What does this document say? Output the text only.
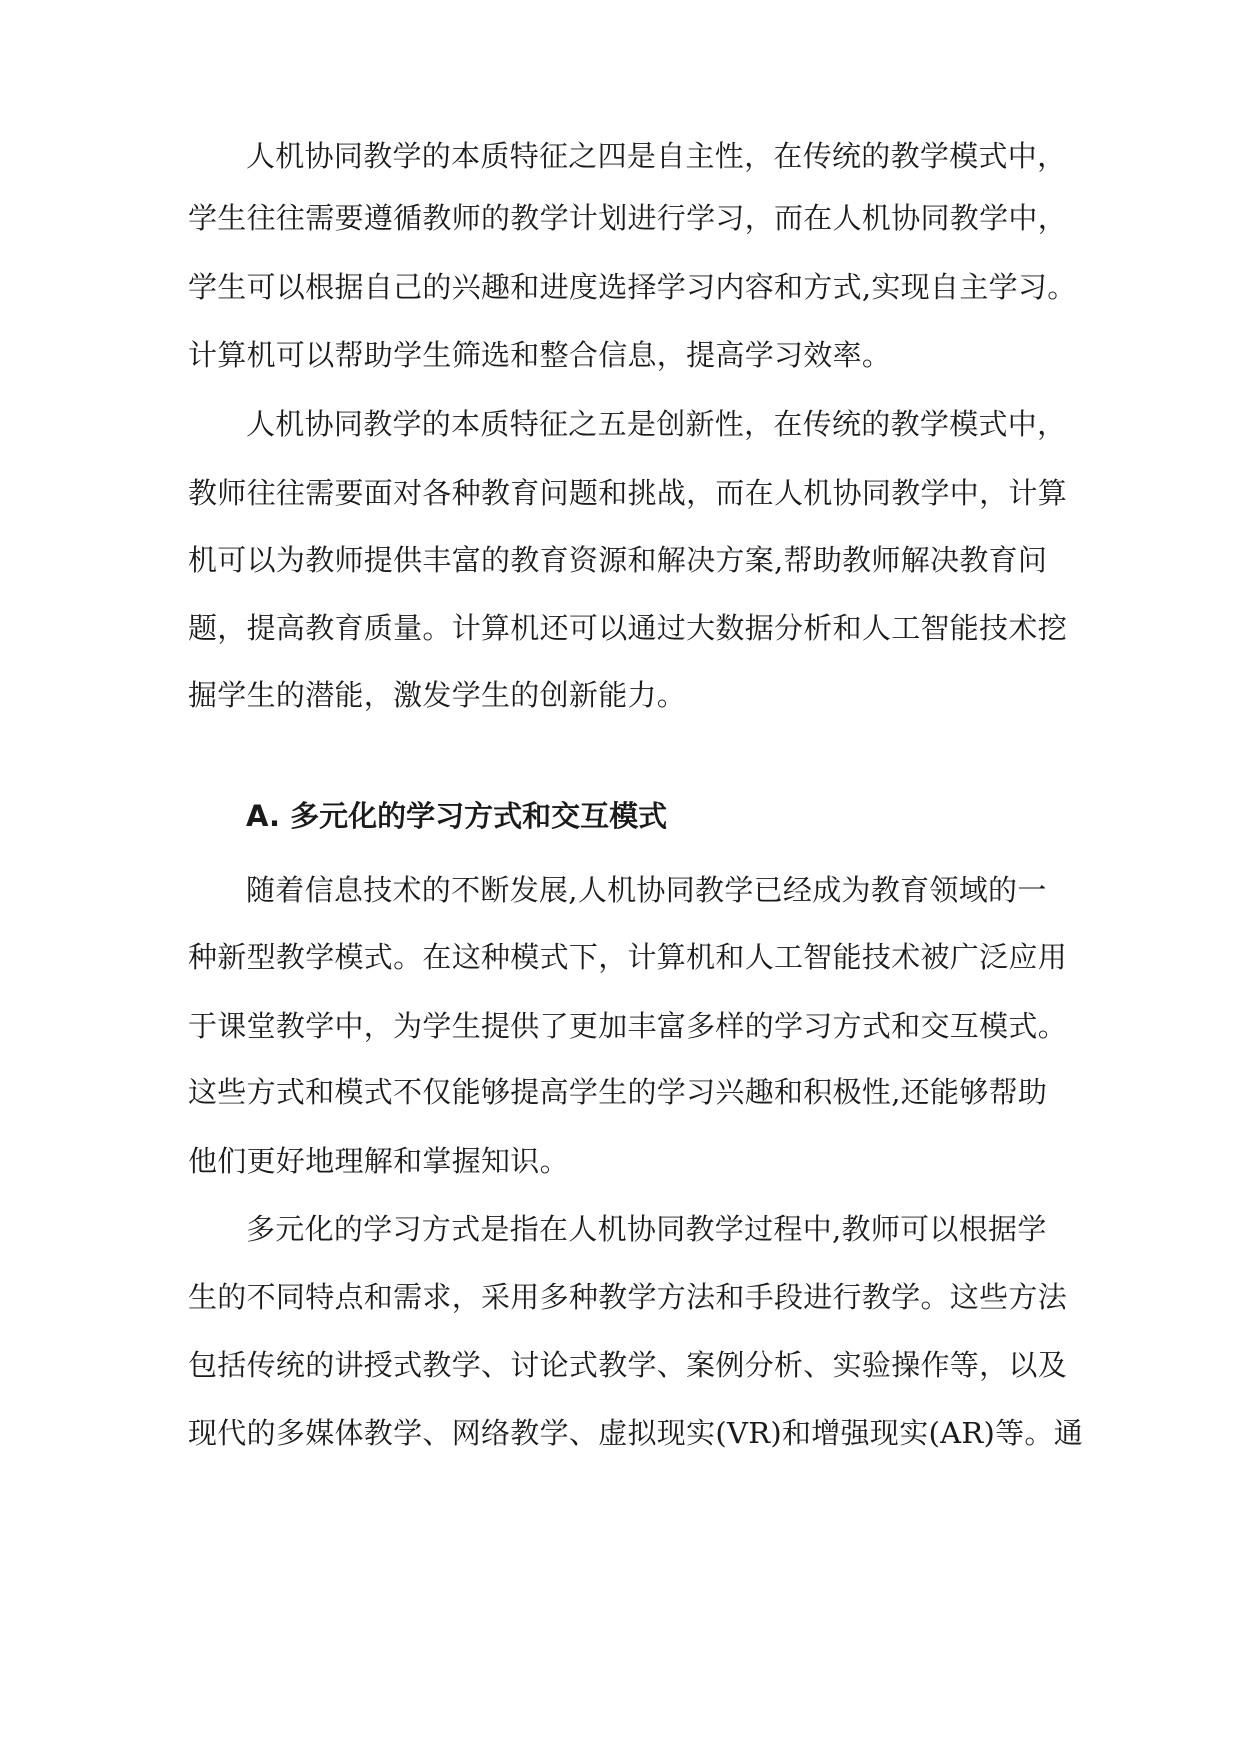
人机协同教学的本质特征之四是自主性，在传统的教学模式中，
学生往往需要遵循教师的教学计划进行学习，而在人机协同教学中，
学生可以根据自己的兴趣和进度选择学习内容和方式,实现自主学习。
计算机可以帮助学生筛选和整合信息，提高学习效率。
人机协同教学的本质特征之五是创新性，在传统的教学模式中，
教师往往需要面对各种教育问题和挑战，而在人机协同教学中，计算
机可以为教师提供丰富的教育资源和解决方案,帮助教师解决教育问
题，提高教育质量。计算机还可以通过大数据分析和人工智能技术挖
掘学生的潜能，激发学生的创新能力。
A. 多元化的学习方式和交互模式
随着信息技术的不断发展,人机协同教学已经成为教育领域的一
种新型教学模式。在这种模式下，计算机和人工智能技术被广泛应用
于课堂教学中，为学生提供了更加丰富多样的学习方式和交互模式。
这些方式和模式不仅能够提高学生的学习兴趣和积极性,还能够帮助
他们更好地理解和掌握知识。
多元化的学习方式是指在人机协同教学过程中,教师可以根据学
生的不同特点和需求，采用多种教学方法和手段进行教学。这些方法
包括传统的讲授式教学、讨论式教学、案例分析、实验操作等，以及
现代的多媒体教学、网络教学、虚拟现实(VR)和增强现实(AR)等。通
